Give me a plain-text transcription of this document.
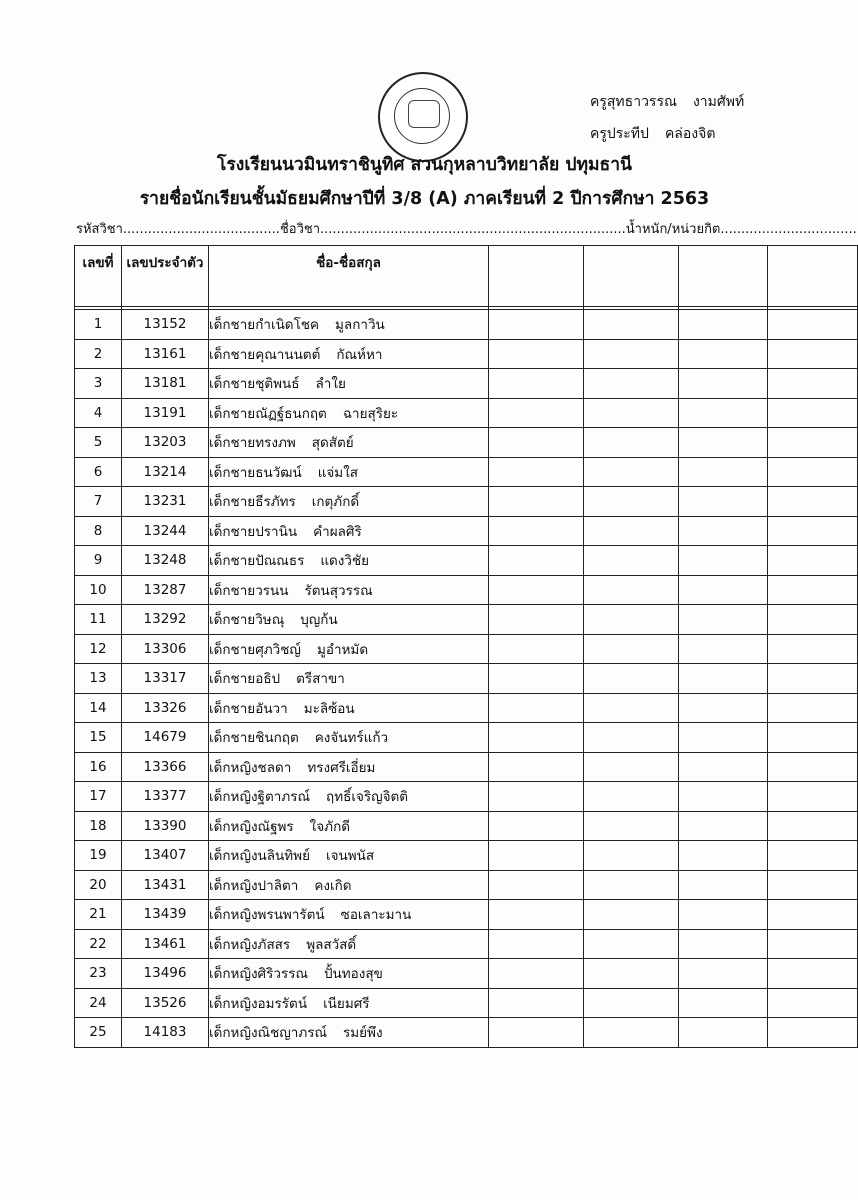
ครูสุทธาวรรณ งามศัพท์
ครูประทีป คล่องจิต
โรงเรียนนวมินทราชินูทิศ สวนกุหลาบวิทยาลัย ปทุมธานี
รายชื่อนักเรียนชั้นมัธยมศึกษาปีที่ 3/8 (A) ภาคเรียนที่ 2 ปีการศึกษา 2563
รหัสวิชา......................................ชื่อวิชา..........................................................................น้ำหนัก/หน่วยกิต.................................
เลขที่	เลขประจำตัว	ชื่อ-ชื่อสกุล				

1	13152	เด็กชายกำเนิดโชค มูลกาวิน				
2	13161	เด็กชายคุณานนตต์ กัณห์หา				
3	13181	เด็กชายชุติพนธ์ ลำใย				
4	13191	เด็กชายณัฏฐ์ธนกฤต ฉายสุริยะ				
5	13203	เด็กชายทรงภพ สุดสัตย์				
6	13214	เด็กชายธนวัฒน์ แจ่มใส				
7	13231	เด็กชายธีรภัทร เกตุภักดิ์				
8	13244	เด็กชายปรานิน คำผลศิริ				
9	13248	เด็กชายปัณณธร แดงวิชัย				
10	13287	เด็กชายวรนน รัตนสุวรรณ				
11	13292	เด็กชายวิษณุ บุญก้น				
12	13306	เด็กชายศุภวิชญ์ มูอำหมัด				
13	13317	เด็กชายอธิป ตรีสาขา				
14	13326	เด็กชายอันวา มะลิซ้อน				
15	14679	เด็กชายชินกฤต คงจันทร์แก้ว				
16	13366	เด็กหญิงชลดา ทรงศรีเอี่ยม				
17	13377	เด็กหญิงฐิตาภรณ์ ฤทธิ์เจริญจิตติ				
18	13390	เด็กหญิงณัฐพร ใจภักดี				
19	13407	เด็กหญิงนลินทิพย์ เจนพนัส				
20	13431	เด็กหญิงปาลิตา คงเกิด				
21	13439	เด็กหญิงพรนพารัตน์ ซอเลาะมาน				
22	13461	เด็กหญิงภัสสร พูลสวัสดิ์				
23	13496	เด็กหญิงศิริวรรณ ปั้นทองสุข				
24	13526	เด็กหญิงอมรรัตน์ เนียมศรี				
25	14183	เด็กหญิงณิชญาภรณ์ รมย์พึง				
